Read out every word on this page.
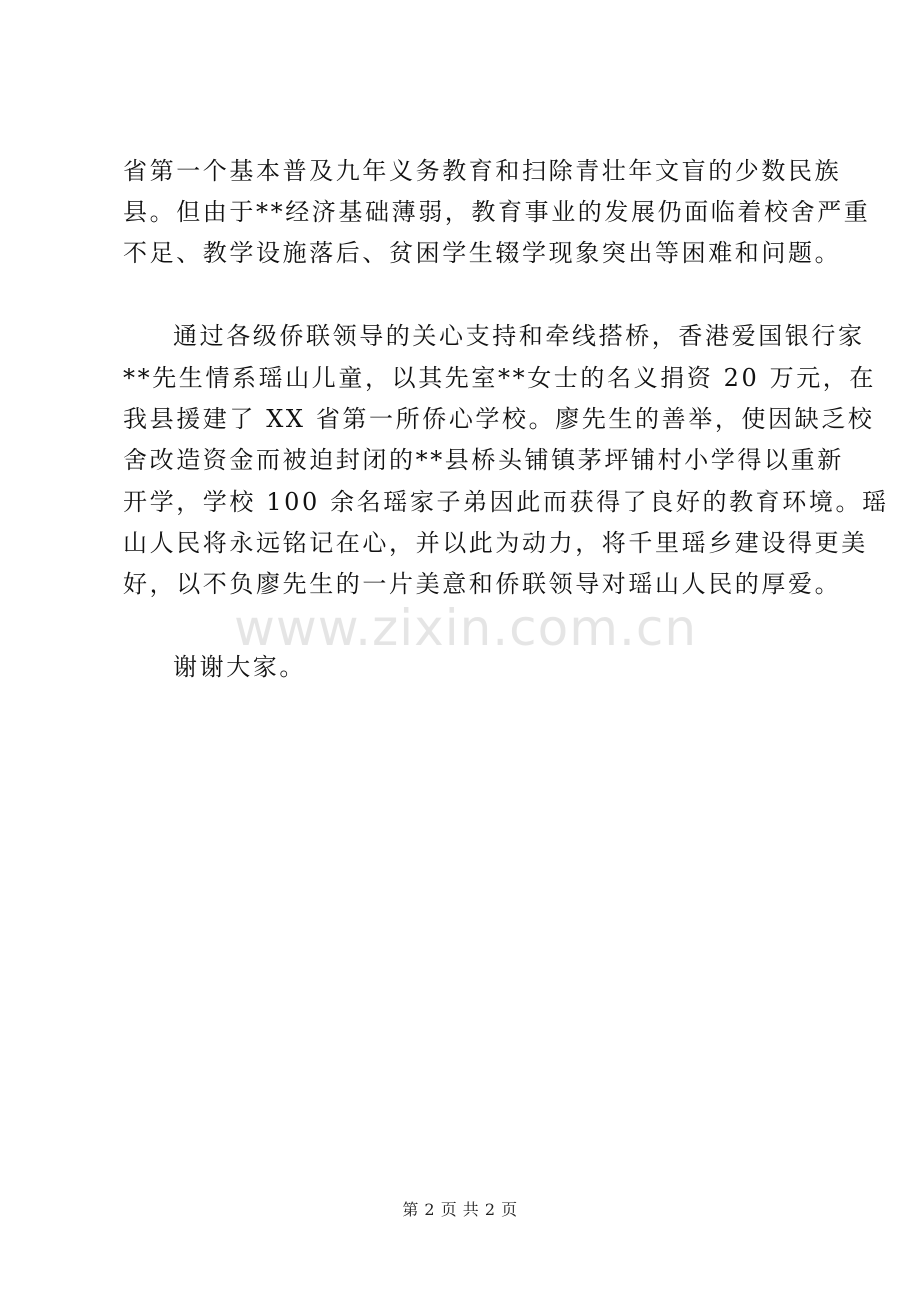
省第一个基本普及九年义务教育和扫除青壮年文盲的少数民族
县。但由于**经济基础薄弱，教育事业的发展仍面临着校舍严重
不足、教学设施落后、贫困学生辍学现象突出等困难和问题。
通过各级侨联领导的关心支持和牵线搭桥，香港爱国银行家
**先生情系瑶山儿童，以其先室**女士的名义捐资 20 万元，在
我县援建了 XX 省第一所侨心学校。廖先生的善举，使因缺乏校
舍改造资金而被迫封闭的**县桥头铺镇茅坪铺村小学得以重新
开学，学校 100 余名瑶家子弟因此而获得了良好的教育环境。瑶
山人民将永远铭记在心，并以此为动力，将千里瑶乡建设得更美
好，以不负廖先生的一片美意和侨联领导对瑶山人民的厚爱。
谢谢大家。
www.zixin.com.cn
第 2 页 共 2 页
